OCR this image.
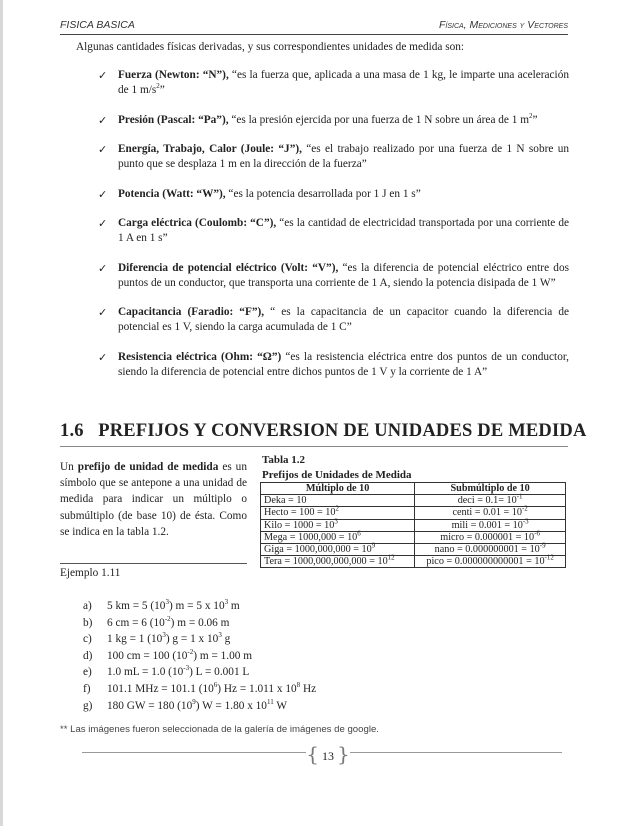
FISICA BASICA	Física, Mediciones y Vectores
Algunas cantidades físicas derivadas, y sus correspondientes unidades de medida son:
✓ Fuerza (Newton: “N”), “es la fuerza que, aplicada a una masa de 1 kg, le imparte una aceleración de 1 $m/s^2$”
✓ Presión (Pascal: “Pa”), “es la presión ejercida por una fuerza de 1 N sobre un área de 1 $m^2$”
✓ Energía, Trabajo, Calor (Joule: “J”), “es el trabajo realizado por una fuerza de 1 N sobre un punto que se desplaza 1 m en la dirección de la fuerza”
✓ Potencia (Watt: “W”), “es la potencia desarrollada por 1 J en 1 s”
✓ Carga eléctrica (Coulomb: “C”), “es la cantidad de electricidad transportada por una corriente de 1 A en 1 s”
✓ Diferencia de potencial eléctrico (Volt: “V”), “es la diferencia de potencial eléctrico entre dos puntos de un conductor, que transporta una corriente de 1 A, siendo la potencia disipada de 1 W”
✓ Capacitancia (Faradio: “F”), “ es la capacitancia de un capacitor cuando la diferencia de potencial es 1 V, siendo la carga acumulada de 1 C”
✓ Resistencia eléctrica (Ohm: “Ω”) “es la resistencia eléctrica entre dos puntos de un conductor, siendo la diferencia de potencial entre dichos puntos de 1 V y la corriente de 1 A”
1.6 PREFIJOS Y CONVERSION DE UNIDADES DE MEDIDA
Un prefijo de unidad de medida es un símbolo que se antepone a una unidad de medida para indicar un múltiplo o submúltiplo (de base 10) de ésta. Como se indica en la tabla 1.2.
Ejemplo 1.11
Tabla 1.2
Prefijos de Unidades de Medida
Múltiplo de 10	Submúltiplo de 10
Deka = 10	deci = $0.1= 10^{-1}$
Hecto = $100 = 10^2$	centi = $0.01 = 10^{-2}$
Kilo = $1000 = 10^3$	mili = $0.001 = 10^{-3}$
Mega = $1000,000 = 10^6$	micro = $0.000001 = 10^{-6}$
Giga = $1000,000,000 = 10^9$	nano = $0.000000001 = 10^{-9}$
Tera = $1000,000,000,000 = 10^{12}$	pico = $0.000000000001 = 10^{-12}$
a) 5 km = 5 $(10^3) m = 5$ x $10^3$ m
b) 6 cm = 6 $(10^{-2}) m = 0.06$ m
c) 1 kg = 1 $(10^3) g = 1$ x $10^3$ g
d) 100 cm = 100 $(10^{-2}) m = 1.00$ m
e) 1.0 mL = 1.0 $(10^{-3}) L = 0.001$ L
f) 101.1 MHz = 101.1 $(10^6) Hz = 1.011$ x $10^8$ Hz
g) 180 GW = 180 $(10^9) W = 1.80$ x $10^{11}$ W
** Las imágenes fueron seleccionada de la galería de imágenes de google.
{ 13 }
